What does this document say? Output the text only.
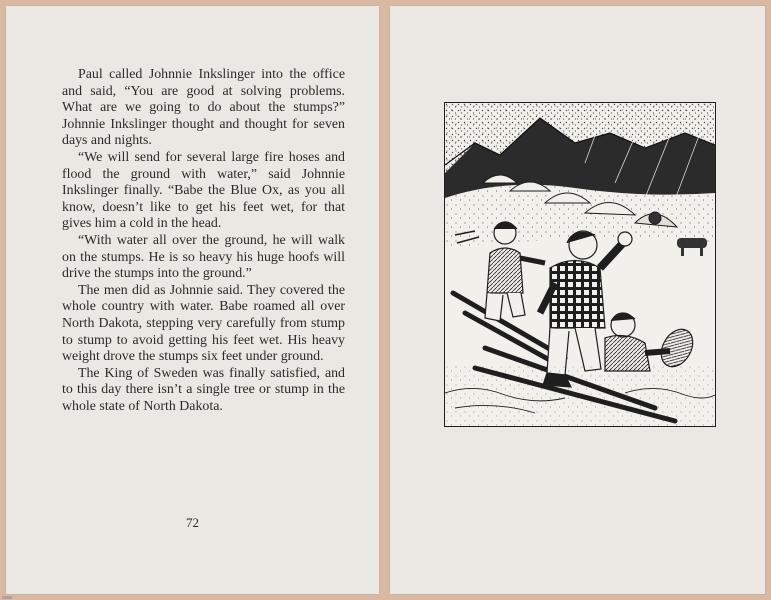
Paul called Johnnie Inkslinger into the office and said, “You are good at solving problems. What are we going to do about the stumps?” Johnnie Inkslinger thought and thought for seven days and nights.

“We will send for several large fire hoses and flood the ground with water,” said Johnnie Inkslinger finally. “Babe the Blue Ox, as you all know, doesn’t like to get his feet wet, for that gives him a cold in the head.

“With water all over the ground, he will walk on the stumps. He is so heavy his huge hoofs will drive the stumps into the ground.”

The men did as Johnnie said. They covered the whole country with water. Babe roamed all over North Dakota, stepping very carefully from stump to stump to avoid getting his feet wet. His heavy weight drove the stumps six feet under ground.

The King of Sweden was finally satisfied, and to this day there isn’t a single tree or stump in the whole state of North Dakota.

72
